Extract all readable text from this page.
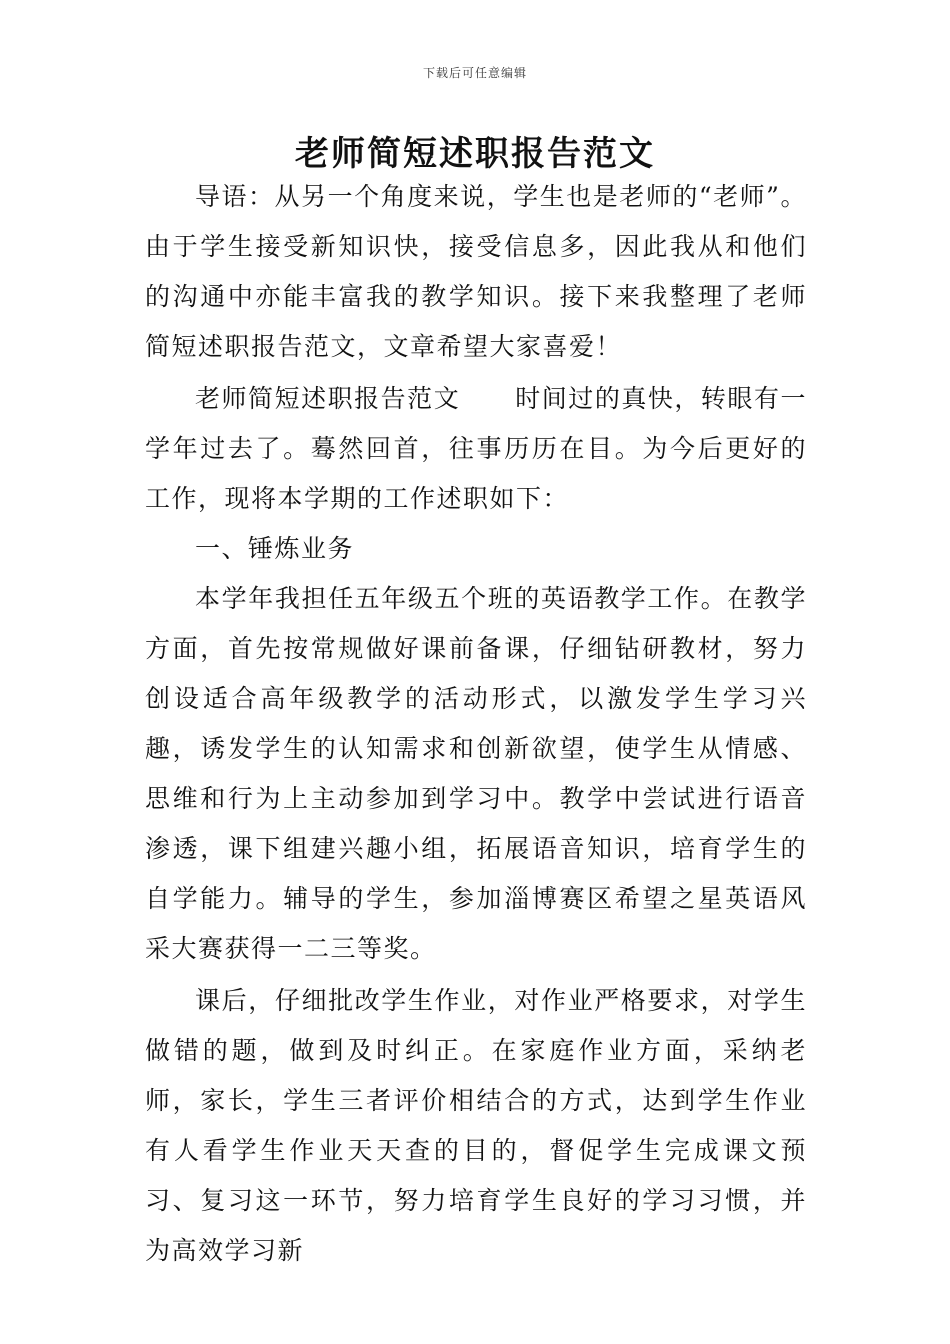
下载后可任意编辑
老师简短述职报告范文

导语：从另一个角度来说，学生也是老师的“老师”。由于学生接受新知识快，接受信息多，因此我从和他们的沟通中亦能丰富我的教学知识。接下来我整理了老师简短述职报告范文，文章希望大家喜爱！

老师简短述职报告范文 时间过的真快，转眼有一学年过去了。蓦然回首，往事历历在目。为今后更好的工作，现将本学期的工作述职如下：

一、锤炼业务

本学年我担任五年级五个班的英语教学工作。在教学方面，首先按常规做好课前备课，仔细钻研教材，努力创设适合高年级教学的活动形式，以激发学生学习兴趣，诱发学生的认知需求和创新欲望，使学生从情感、思维和行为上主动参加到学习中。教学中尝试进行语音渗透，课下组建兴趣小组，拓展语音知识，培育学生的自学能力。辅导的学生，参加淄博赛区希望之星英语风采大赛获得一二三等奖。

课后，仔细批改学生作业，对作业严格要求，对学生做错的题，做到及时纠正。在家庭作业方面，采纳老师，家长，学生三者评价相结合的方式，达到学生作业有人看学生作业天天查的目的，督促学生完成课文预习、复习这一环节，努力培育学生良好的学习习惯，并为高效学习新
